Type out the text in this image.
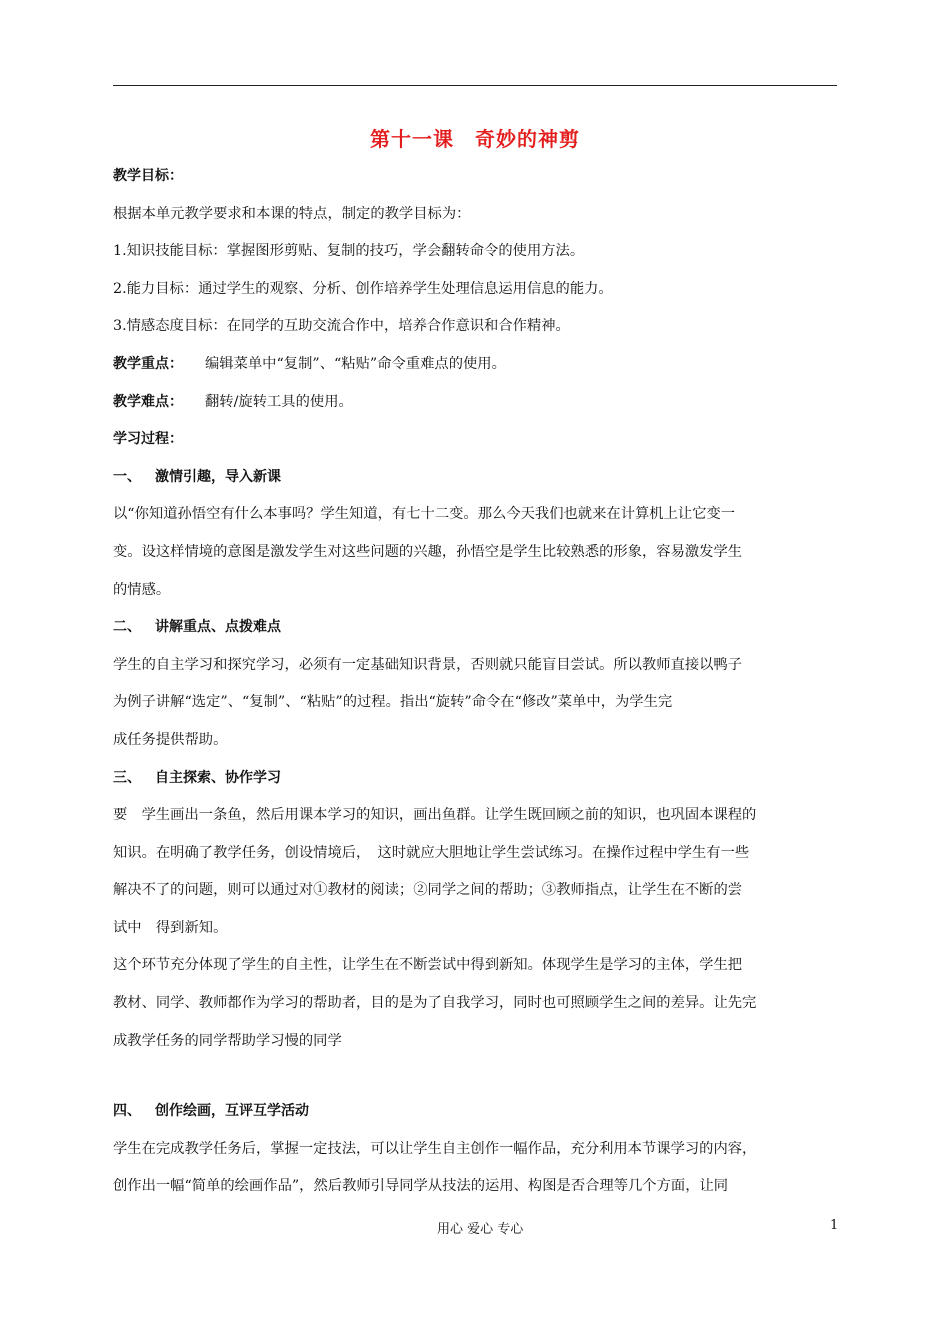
第十一课　奇妙的神剪
教学目标：
根据本单元教学要求和本课的特点，制定的教学目标为：
1.知识技能目标：掌握图形剪贴、复制的技巧，学会翻转命令的使用方法。
2.能力目标：通过学生的观察、分析、创作培养学生处理信息运用信息的能力。
3.情感态度目标：在同学的互助交流合作中，培养合作意识和合作精神。
教学重点： 编辑菜单中“复制”、“粘贴”命令重难点的使用。
教学难点： 翻转/旋转工具的使用。
学习过程：
一、 激情引趣，导入新课
以“你知道孙悟空有什么本事吗？学生知道，有七十二变。那么今天我们也就来在计算机上让它变一
变。设这样情境的意图是激发学生对这些问题的兴趣，孙悟空是学生比较熟悉的形象，容易激发学生
的情感。
二、 讲解重点、点拨难点
学生的自主学习和探究学习，必须有一定基础知识背景，否则就只能盲目尝试。所以教师直接以鸭子
为例子讲解“选定”、“复制”、“粘贴”的过程。指出“旋转”命令在“修改”菜单中，为学生完
成任务提供帮助。
三、 自主探索、协作学习
要　学生画出一条鱼，然后用课本学习的知识，画出鱼群。让学生既回顾之前的知识，也巩固本课程的
知识。在明确了教学任务，创设情境后，　这时就应大胆地让学生尝试练习。在操作过程中学生有一些
解决不了的问题，则可以通过对①教材的阅读；②同学之间的帮助；③教师指点，让学生在不断的尝
试中　得到新知。
这个环节充分体现了学生的自主性，让学生在不断尝试中得到新知。体现学生是学习的主体，学生把
教材、同学、教师都作为学习的帮助者，目的是为了自我学习，同时也可照顾学生之间的差异。让先完
成教学任务的同学帮助学习慢的同学
四、 创作绘画，互评互学活动
学生在完成教学任务后，掌握一定技法，可以让学生自主创作一幅作品，充分利用本节课学习的内容，
创作出一幅“简单的绘画作品”，然后教师引导同学从技法的运用、构图是否合理等几个方面，让同
用心 爱心 专心	1
